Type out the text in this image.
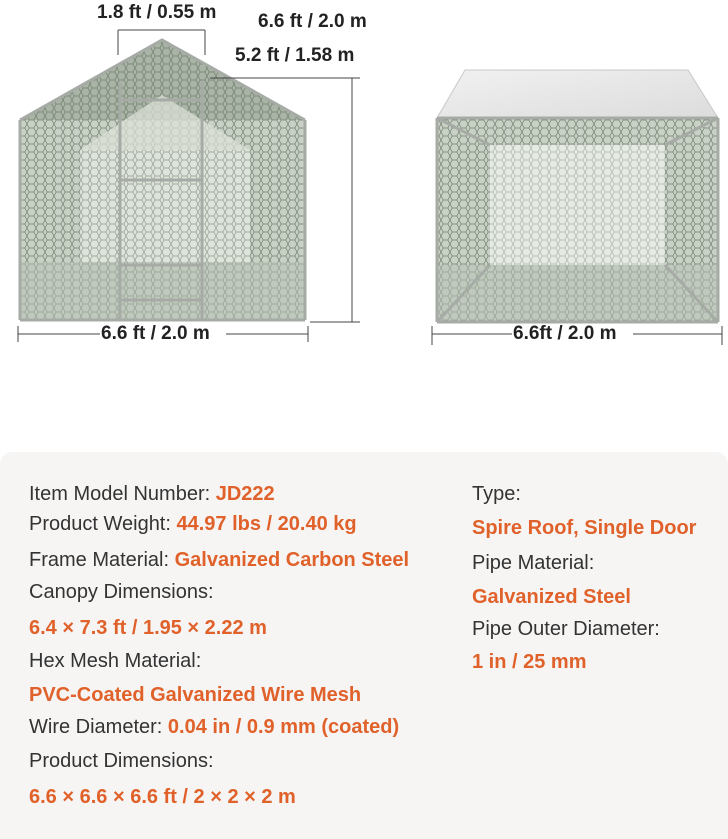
1.8 ft / 0.55 m 6.6 ft / 2.0 m
5.2 ft / 1.58 m
6.6 ft / 2.0 m	6.6ft / 2.0 m
Item Model Number: JD222
Product Weight: 44.97 lbs / 20.40 kg
Frame Material: Galvanized Carbon Steel
Canopy Dimensions:
6.4 × 7.3 ft / 1.95 × 2.22 m
Hex Mesh Material:
PVC-Coated Galvanized Wire Mesh
Wire Diameter: 0.04 in / 0.9 mm (coated)
Product Dimensions:
6.6 × 6.6 × 6.6 ft / 2 × 2 × 2 m
Type:
Spire Roof, Single Door
Pipe Material:
Galvanized Steel
Pipe Outer Diameter:
1 in / 25 mm
